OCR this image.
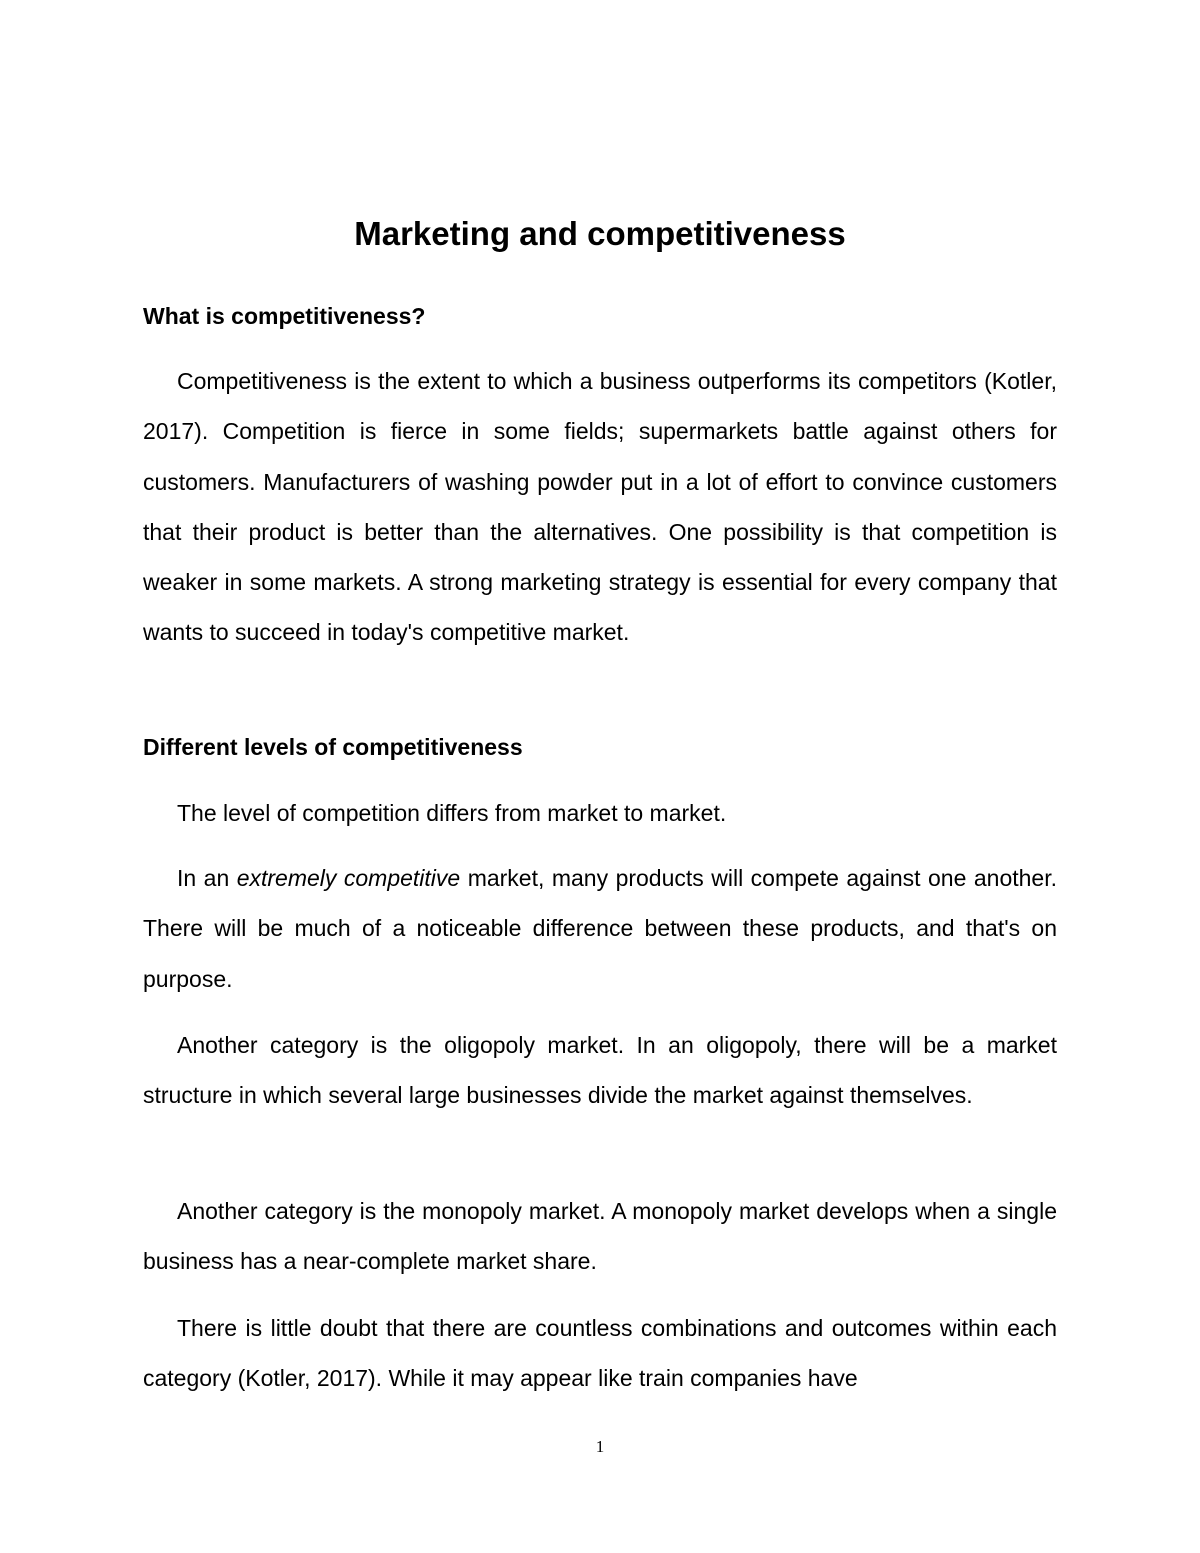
Marketing and competitiveness
What is competitiveness?

Competitiveness is the extent to which a business outperforms its competitors (Kotler, 2017). Competition is fierce in some fields; supermarkets battle against others for customers. Manufacturers of washing powder put in a lot of effort to convince customers that their product is better than the alternatives. One possibility is that competition is weaker in some markets. A strong marketing strategy is essential for every company that wants to succeed in today's competitive market.

Different levels of competitiveness

The level of competition differs from market to market.

In an extremely competitive market, many products will compete against one another. There will be much of a noticeable difference between these products, and that's on purpose.

Another category is the oligopoly market. In an oligopoly, there will be a market structure in which several large businesses divide the market against themselves.

Another category is the monopoly market. A monopoly market develops when a single business has a near-complete market share.

There is little doubt that there are countless combinations and outcomes within each category (Kotler, 2017). While it may appear like train companies have

1
